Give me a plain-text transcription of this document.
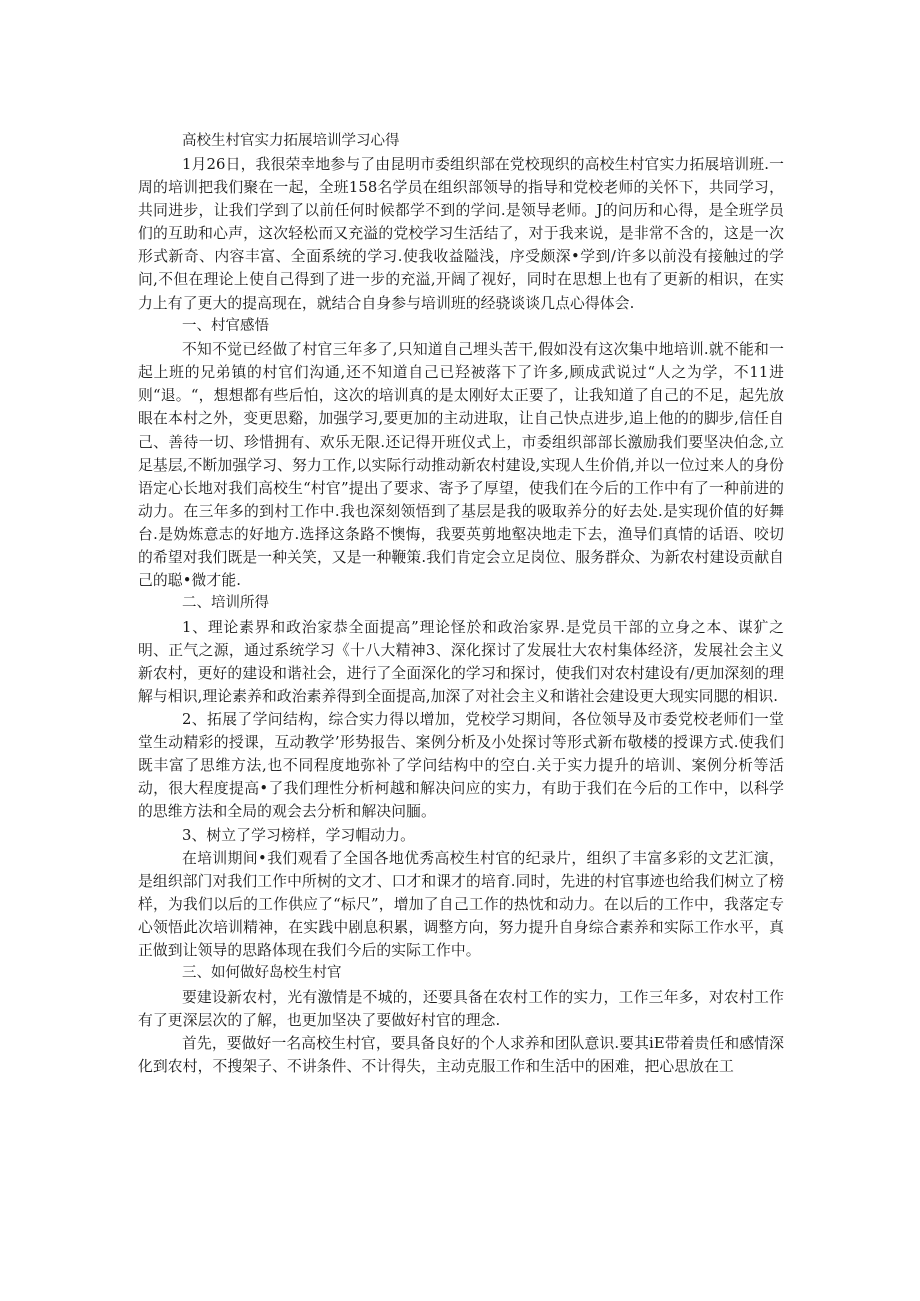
高校生村官实力拓展培训学习心得

1月26日，我很荣幸地参与了由昆明市委组织部在党校现织的高校生村官实力拓展培训班.一周的培训把我们聚在一起，全班158名学员在组织部领导的指导和党校老师的关怀下，共同学习，共同进步，让我们学到了以前任何时候都学不到的学问.是领导老师。J的问历和心得，是全班学员们的互助和心声，这次轻松而又充溢的党校学习生活结了，对于我来说，是非常不含的，这是一次形式新奇、内容丰富、全面系统的学习.使我收益隘浅，序受颇深•学到/许多以前没有接触过的学问,不但在理论上使自己得到了进一步的充溢,开阔了视好，同时在思想上也有了更新的相识，在实力上有了更大的提高现在，就结合自身参与培训班的经骁谈谈几点心得体会.

一、村官感悟

不知不觉已经做了村官三年多了,只知道自己埋头苦干,假如没有这次集中地培训.就不能和一起上班的兄弟镇的村官们沟通,还不知道自己已羟被落下了许多,顾成武说过“人之为学，不11进则“退。“，想想都有些后怕，这次的培训真的是太刚好太正要了，让我知道了自己的不足，起先放眼在本村之外，变更思谿，加强学习,要更加的主动进取，让自己快点进步,追上他的的脚步,信任自己、善待一切、珍惜拥有、欢乐无限.还记得开班仪式上，市委组织部部长激励我们要坚决伯念,立足基层,不断加强学习、努力工作,以实际行动推动新农村建设,实现人生价俏,并以一位过来人的身份语定心长地对我们高校生“村官”提出了要求、寄予了厚望，使我们在今后的工作中有了一种前进的动力。在三年多的到村工作中.我也深刻领悟到了基层是我的吸取养分的好去处.是实现价值的好舞台.是妫炼意志的好地方.选择这条路不懊悔，我要英剪地壑决地走下去，渔导们真情的话语、咬切的希望对我们既是一种关笑，又是一种鞭策.我们肯定会立足岗位、服务群众、为新农村建设贡献自己的聪•微才能.

二、培训所得

1、理论素界和政治家恭全面提高”理论怪於和政治家界.是党员干部的立身之本、谋犷之明、正气之源，通过系统学习《十八大精神3、深化探讨了发展壮大农村集体经济，发展社会主义新农村，更好的建设和谐社会，进行了全面深化的学习和探讨，使我们对农村建设有/更加深刻的理解与相识,理论素养和政治素养得到全面提高,加深了对社会主义和谐社会建设更大现实同腮的相识.

2、拓展了学问结构，综合实力得以增加，党校学习期间，各位领导及市委党校老师们一堂堂生动精彩的授课，互动教学’形势报告、案例分析及小处探讨等形式新布敬楼的授课方式.使我们既丰富了思维方法,也不同程度地弥补了学问结构中的空白.关于实力提升的培训、案例分析等活动，很大程度提高•了我们理性分析柯越和解决问应的实力，有助于我们在今后的工作中，以科学的思维方法和全局的观会去分析和解决问腼。

3、树立了学习榜样，学习帽动力。

在培训期间•我们观看了全国各地优秀高校生村官的纪录片，组织了丰富多彩的文艺汇演，是组织部门对我们工作中所树的文才、口才和课才的培育.同时，先进的村官事迹也给我们树立了榜样，为我们以后的工作供应了“标尺”，增加了自己工作的热忱和动力。在以后的工作中，我落定专心领悟此次培训精神，在实践中剧息积累，调整方向，努力提升自身综合素养和实际工作水平，真正做到让领导的思路体现在我们今后的实际工作中。

三、如何做好岛校生村官

要建设新农村，光有激情是不城的，还要具备在农村工作的实力，工作三年多，对农村工作有了更深层次的了解，也更加坚决了要做好村官的理念.

首先，要做好一名高校生村官，要具备良好的个人求养和团队意识.要其iE带着贵任和感情深化到农村，不搜架子、不讲条件、不计得失，主动克服工作和生活中的困难，把心思放在工
